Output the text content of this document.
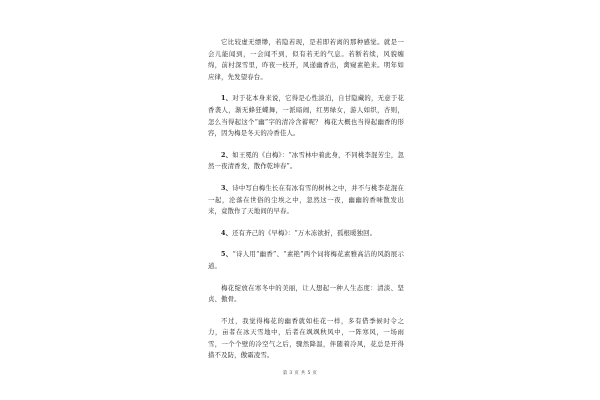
它比较虚无缥缈，若隐若现，是若即若离的那种感觉。就是一会儿能闻到，一会闻不到，似有若无的气息。若断若续，风貌缠绵，前村深雪里，昨夜一枝开，风递幽香出，禽窥素艳来。明年如应律，先发望春台。

1、对于花本身来说，它得是心性淡泊，自甘隐藏的，无意于花香袭人，渐无蜂狂蝶舞，一派暗闹，红男绿女，游人如织，杏则，怎么当得起这个“幽”字的清冷含蓄呢？ 梅花大概也当得起幽香的形容，因为梅是冬天的冷香佳人。

2、如王冕的《白梅》：“冰雪林中着此身，不同桃李混芳尘，忽然一夜清香发，散作乾坤春”。

3、诗中写白梅生长在有冰有雪的树林之中，并不与桃李花混在一起，沦落在世俗的尘埃之中，忽然这一夜，幽幽的香味散发出来，竟散作了天地间的早春。

4、还有齐己的《早梅》：“万木冻欲折，孤根暖独回。

5、“诗人用“幽香”、“素艳”两个词将梅花素雅高洁的风韵展示道。

梅花绽放在寒冬中的美丽，让人想起一种人生态度：清淡、坚贞、傲骨。

不过，我觉得梅花的幽香就如桂花一样，多有借季候时令之力，亩者在冰天雪地中，后者在飒飒秋风中，一阵寒风，一场雨雪，一个个壁的冷空气之后，骤然降温，伴随着冷风，花总是开得措不及防，傲霜凌雪。

第 3 页 共 5 页
